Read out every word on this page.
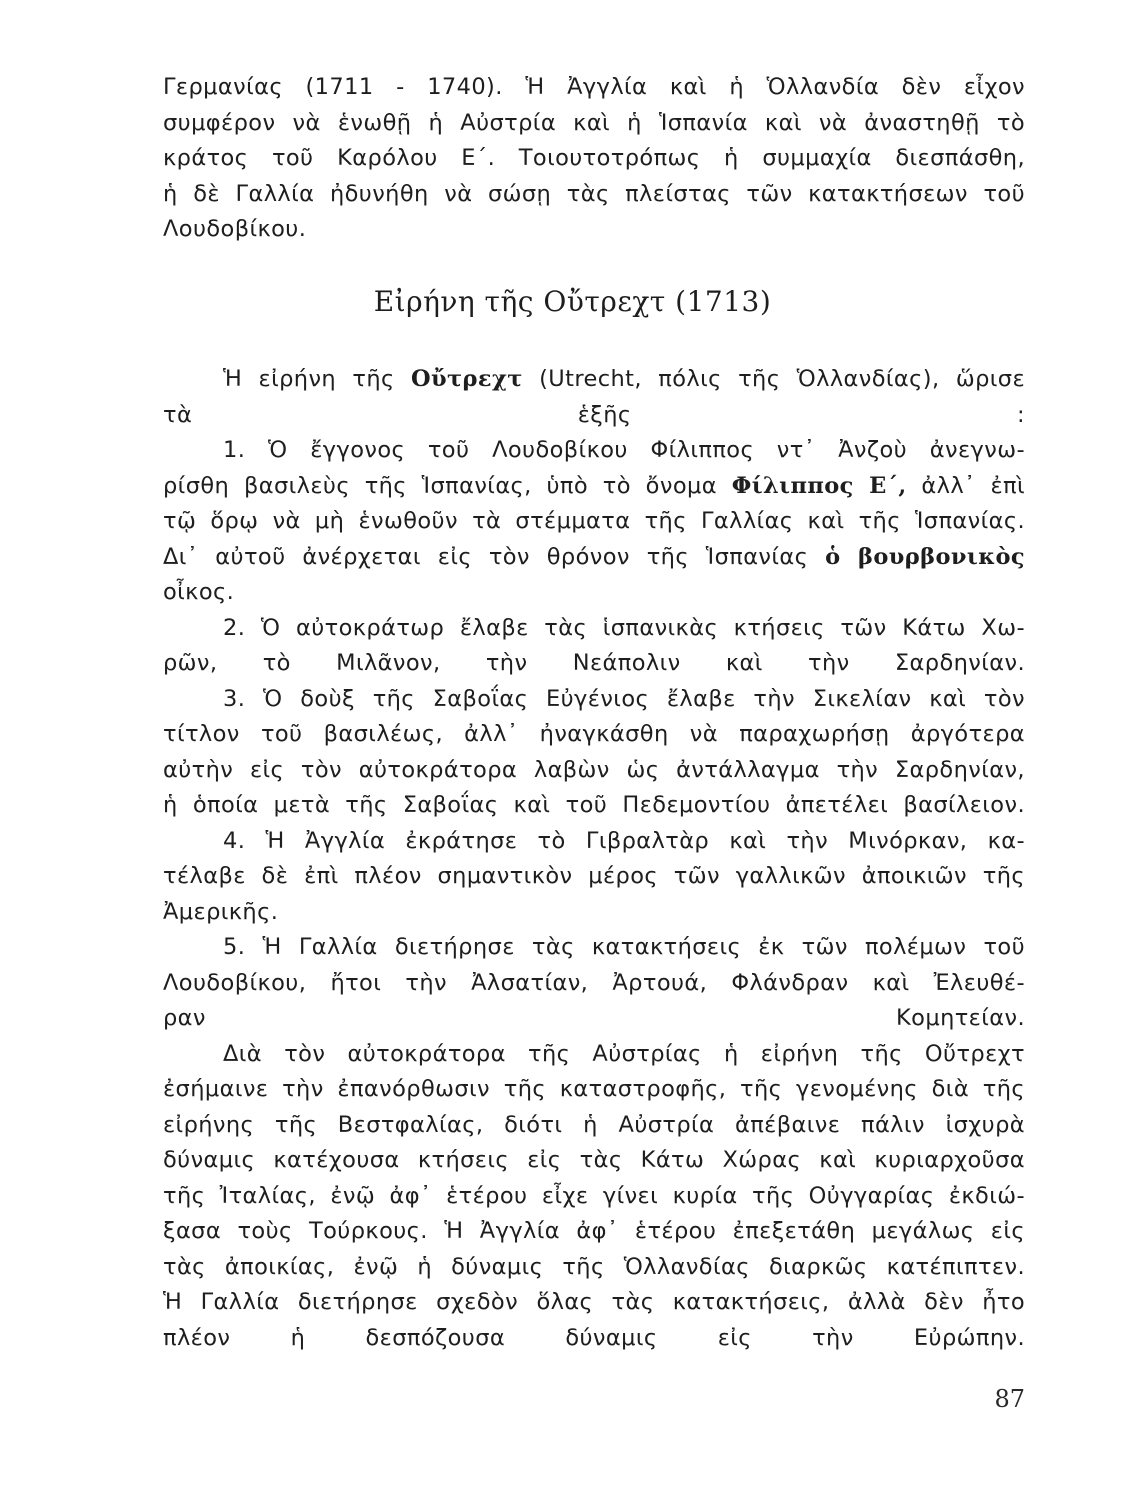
Γερμανίας (1711 - 1740). Ἡ Ἀγγλία καὶ ἡ Ὁλλανδία δὲν εἶχον
συμφέρον νὰ ἑνωθῇ ἡ Αὐστρία καὶ ἡ Ἱσπανία καὶ νὰ ἀναστηθῇ τὸ
κράτος τοῦ Καρόλου Ε΄. Τοιουτοτρόπως ἡ συμμαχία διεσπάσθη,
ἡ δὲ Γαλλία ἠδυνήθη νὰ σώσῃ τὰς πλείστας τῶν κατακτήσεων τοῦ
Λουδοβίκου.
Εἰρήνη τῆς Οὔτρεχτ (1713)
Ἡ εἰρήνη τῆς Οὔτρεχτ (Utrecht, πόλις τῆς Ὁλλανδίας), ὥρισε
τὰ ἑξῆς :
1. Ὁ ἔγγονος τοῦ Λουδοβίκου Φίλιππος ντ᾿ Ἀνζοὺ ἀνεγνω-
ρίσθη βασιλεὺς τῆς Ἱσπανίας, ὑπὸ τὸ ὄνομα Φίλιππος Ε΄, ἀλλ᾿ ἐπὶ
τῷ ὅρῳ νὰ μὴ ἑνωθοῦν τὰ στέμματα τῆς Γαλλίας καὶ τῆς Ἱσπανίας.
Δι᾿ αὐτοῦ ἀνέρχεται εἰς τὸν θρόνον τῆς Ἱσπανίας ὁ βουρβονικὸς
οἶκος.
2. Ὁ αὐτοκράτωρ ἔλαβε τὰς ἱσπανικὰς κτήσεις τῶν Κάτω Χω-
ρῶν, τὸ Μιλᾶνον, τὴν Νεάπολιν καὶ τὴν Σαρδηνίαν.
3. Ὁ δοὺξ τῆς Σαβοΐας Εὐγένιος ἔλαβε τὴν Σικελίαν καὶ τὸν
τίτλον τοῦ βασιλέως, ἀλλ᾿ ἠναγκάσθη νὰ παραχωρήσῃ ἀργότερα
αὐτὴν εἰς τὸν αὐτοκράτορα λαβὼν ὡς ἀντάλλαγμα τὴν Σαρδηνίαν,
ἡ ὁποία μετὰ τῆς Σαβοΐας καὶ τοῦ Πεδεμοντίου ἀπετέλει βασίλειον.
4. Ἡ Ἀγγλία ἐκράτησε τὸ Γιβραλτὰρ καὶ τὴν Μινόρκαν, κα-
τέλαβε δὲ ἐπὶ πλέον σημαντικὸν μέρος τῶν γαλλικῶν ἀποικιῶν τῆς
Ἀμερικῆς.
5. Ἡ Γαλλία διετήρησε τὰς κατακτήσεις ἐκ τῶν πολέμων τοῦ
Λουδοβίκου, ἤτοι τὴν Ἀλσατίαν, Ἀρτουά, Φλάνδραν καὶ Ἐλευθέ-
ραν Κομητείαν.
Διὰ τὸν αὐτοκράτορα τῆς Αὐστρίας ἡ εἰρήνη τῆς Οὔτρεχτ
ἐσήμαινε τὴν ἐπανόρθωσιν τῆς καταστροφῆς, τῆς γενομένης διὰ τῆς
εἰρήνης τῆς Βεστφαλίας, διότι ἡ Αὐστρία ἀπέβαινε πάλιν ἰσχυρὰ
δύναμις κατέχουσα κτήσεις εἰς τὰς Κάτω Χώρας καὶ κυριαρχοῦσα
τῆς Ἰταλίας, ἐνῷ ἀφ᾿ ἑτέρου εἶχε γίνει κυρία τῆς Οὐγγαρίας ἐκδιώ-
ξασα τοὺς Τούρκους. Ἡ Ἀγγλία ἀφ᾿ ἑτέρου ἐπεξετάθη μεγάλως εἰς
τὰς ἀποικίας, ἐνῷ ἡ δύναμις τῆς Ὁλλανδίας διαρκῶς κατέπιπτεν.
Ἡ Γαλλία διετήρησε σχεδὸν ὅλας τὰς κατακτήσεις, ἀλλὰ δὲν ἦτο
πλέον ἡ δεσπόζουσα δύναμις εἰς τὴν Εὐρώπην.
87
